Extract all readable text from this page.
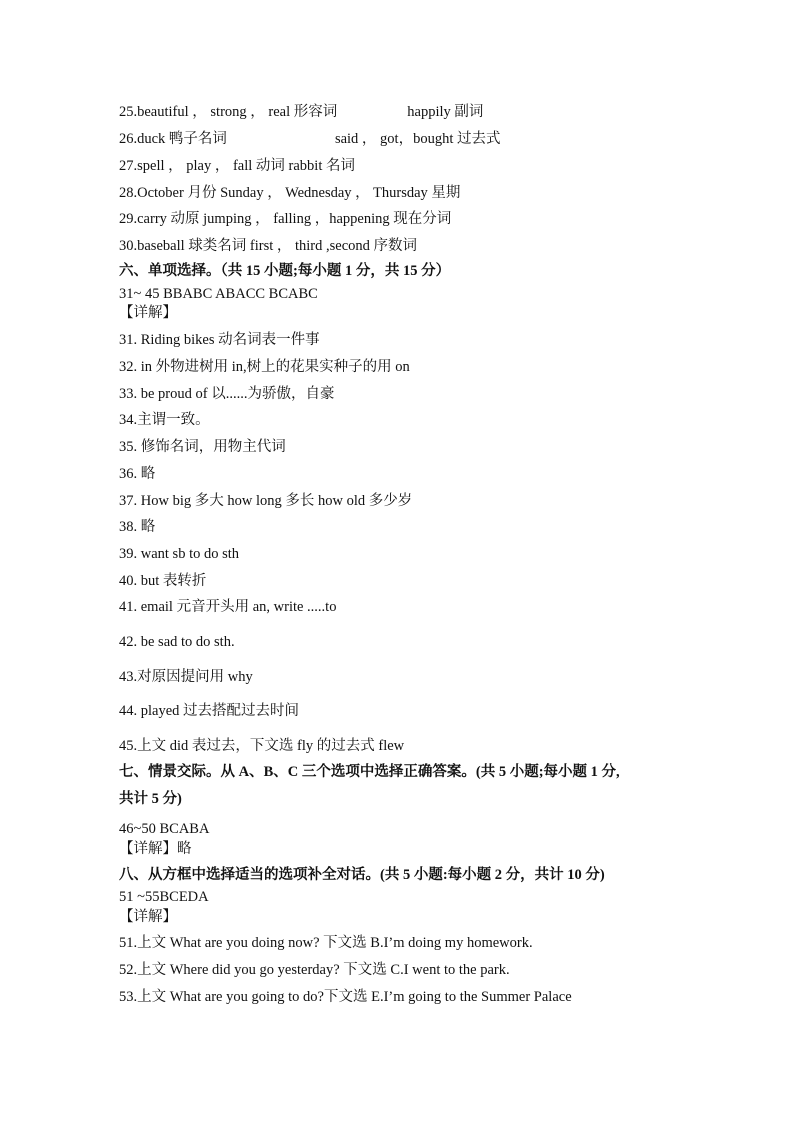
25.beautiful ， strong ， real 形容词	happily 副词
26.duck 鸭子名词	said ， got，bought 过去式
27.spell ， play ， fall 动词 rabbit 名词
28.October 月份 Sunday ， Wednesday ， Thursday 星期
29.carry 动原 jumping ， falling ，happening 现在分词
30.baseball 球类名词 first ， third ,second 序数词
六、单项选择。（共 15 小题;每小题 1 分，共 15 分）
31~ 45 BBABC ABACC BCABC
【详解】
31. Riding bikes 动名词表一件事
32. in 外物进树用 in,树上的花果实种子的用 on
33. be proud of 以......为骄傲，自豪
34.主谓一致。
35. 修饰名词，用物主代词
36. 略
37. How big 多大 how long 多长 how old 多少岁
38. 略
39. want sb to do sth
40. but 表转折
41. email 元音开头用 an, write .....to
42. be sad to do sth.
43.对原因提问用 why
44. played 过去搭配过去时间
45.上文 did 表过去，下文选 fly 的过去式 flew
七、情景交际。从 A、B、C 三个选项中选择正确答案。(共 5 小题;每小题 1 分,
共计 5 分)
46~50 BCABA
【详解】略
八、从方框中选择适当的选项补全对话。(共 5 小题:每小题 2 分，共计 10 分)
51 ~55BCEDA
【详解】
51.上文 What are you doing now? 下文选 B.I’m doing my homework.
52.上文 Where did you go yesterday? 下文选 C.I went to the park.
53.上文 What are you going to do?下文选 E.I’m going to the Summer Palace
